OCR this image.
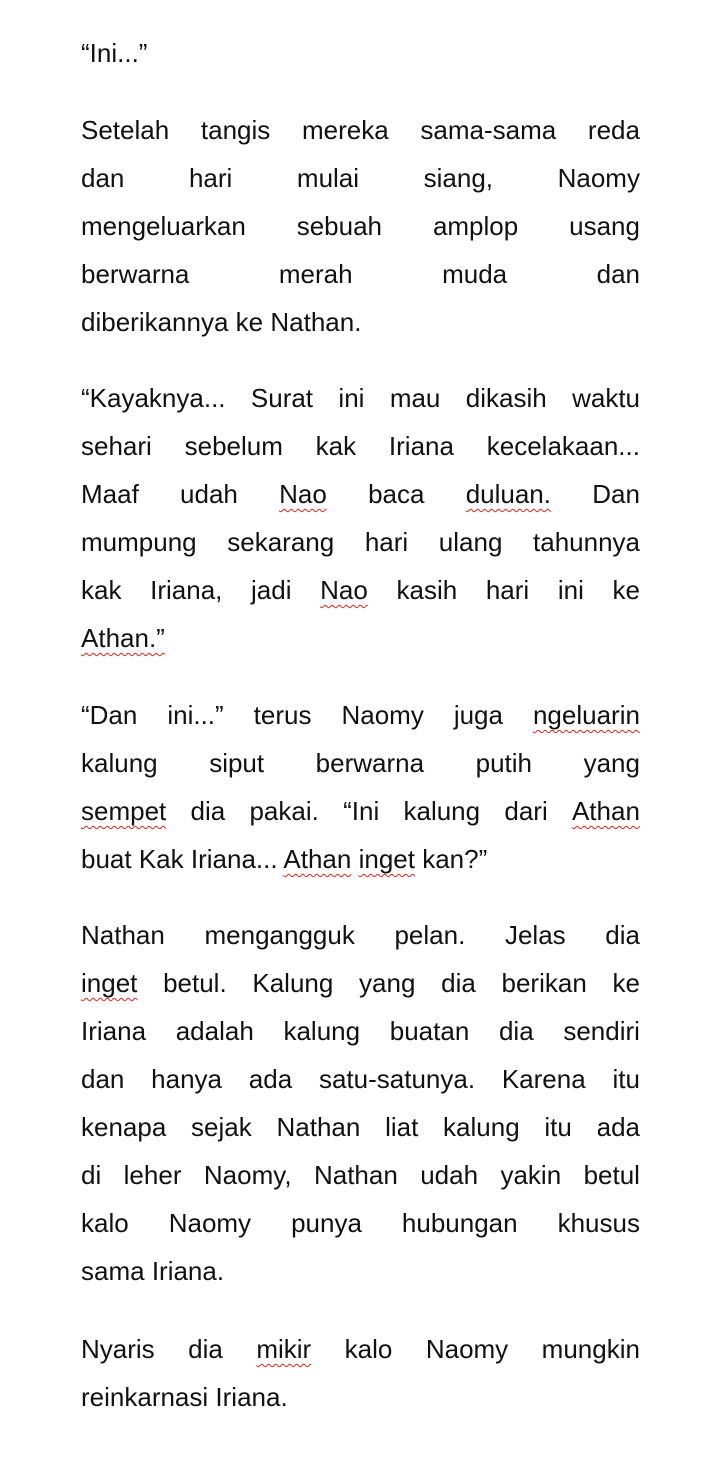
“Ini...”
Setelah tangis mereka sama-sama reda
dan hari mulai siang, Naomy
mengeluarkan sebuah amplop usang
berwarna	merah	muda	dan
diberikannya ke Nathan.
“Kayaknya... Surat ini mau dikasih waktu
sehari sebelum kak Iriana kecelakaan...
Maaf udah Nao baca duluan. Dan
mumpung sekarang hari ulang tahunnya
kak Iriana, jadi Nao kasih hari ini ke
Athan.”
“Dan ini...” terus Naomy juga ngeluarin
kalung siput berwarna putih yang
sempet dia pakai. “Ini kalung dari Athan
buat Kak Iriana... Athan inget kan?”
Nathan mengangguk pelan. Jelas dia
inget betul. Kalung yang dia berikan ke
Iriana adalah kalung buatan dia sendiri
dan hanya ada satu-satunya. Karena itu
kenapa sejak Nathan liat kalung itu ada
di leher Naomy, Nathan udah yakin betul
kalo Naomy punya hubungan khusus
sama Iriana.
Nyaris dia mikir kalo Naomy mungkin
reinkarnasi Iriana.
